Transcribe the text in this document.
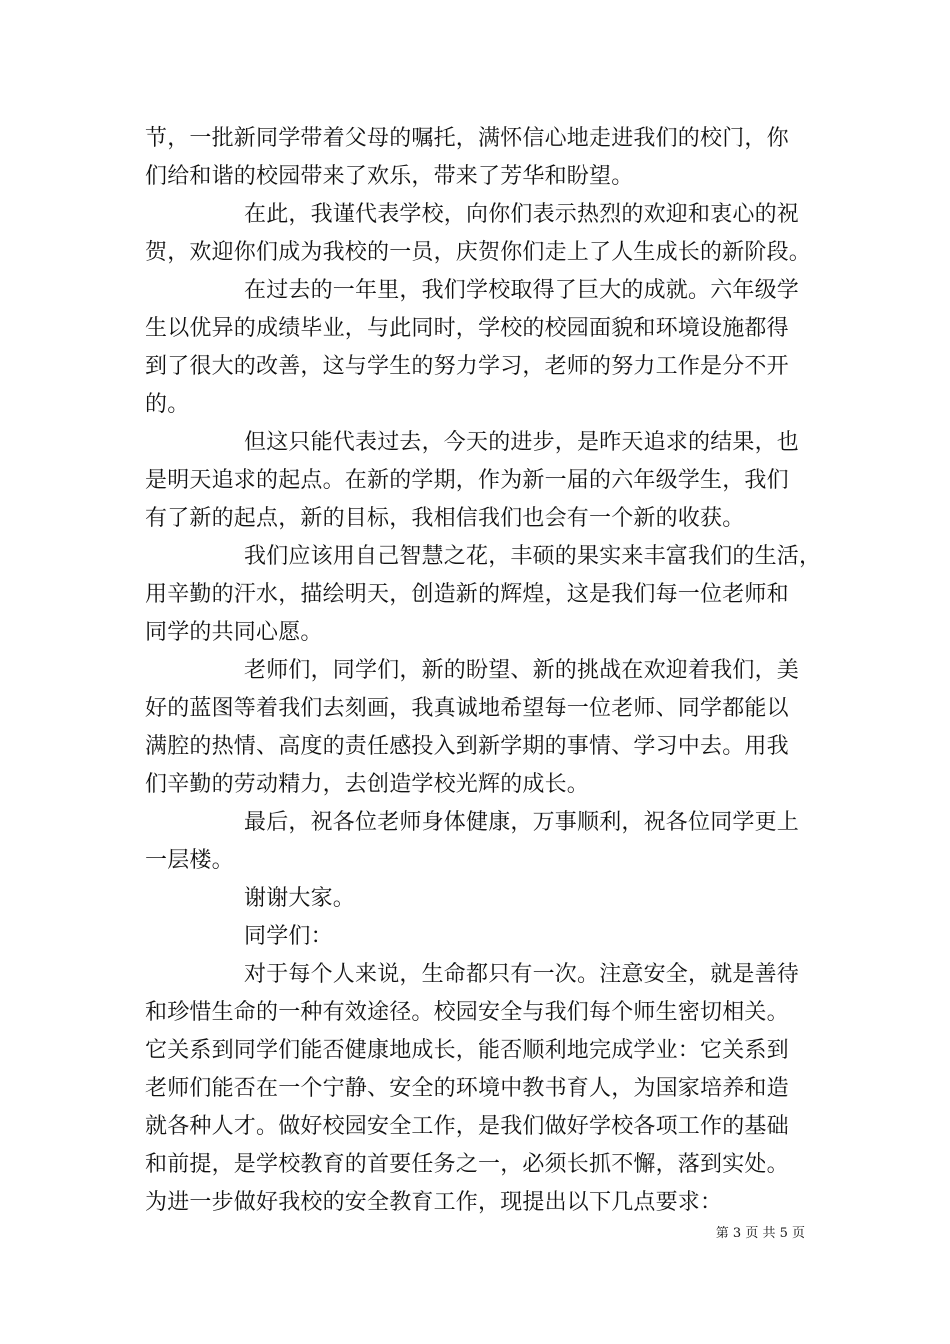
节，一批新同学带着父母的嘱托，满怀信心地走进我们的校门，你
们给和谐的校园带来了欢乐，带来了芳华和盼望。
在此，我谨代表学校，向你们表示热烈的欢迎和衷心的祝
贺，欢迎你们成为我校的一员，庆贺你们走上了人生成长的新阶段。
在过去的一年里，我们学校取得了巨大的成就。六年级学
生以优异的成绩毕业，与此同时，学校的校园面貌和环境设施都得
到了很大的改善，这与学生的努力学习，老师的努力工作是分不开
的。
但这只能代表过去，今天的进步，是昨天追求的结果，也
是明天追求的起点。在新的学期，作为新一届的六年级学生，我们
有了新的起点，新的目标，我相信我们也会有一个新的收获。
我们应该用自己智慧之花，丰硕的果实来丰富我们的生活，
用辛勤的汗水，描绘明天，创造新的辉煌，这是我们每一位老师和
同学的共同心愿。
老师们，同学们，新的盼望、新的挑战在欢迎着我们，美
好的蓝图等着我们去刻画，我真诚地希望每一位老师、同学都能以
满腔的热情、高度的责任感投入到新学期的事情、学习中去。用我
们辛勤的劳动精力，去创造学校光辉的成长。
最后，祝各位老师身体健康，万事顺利，祝各位同学更上
一层楼。
谢谢大家。
同学们：
对于每个人来说，生命都只有一次。注意安全，就是善待
和珍惜生命的一种有效途径。校园安全与我们每个师生密切相关。
它关系到同学们能否健康地成长，能否顺利地完成学业：它关系到
老师们能否在一个宁静、安全的环境中教书育人，为国家培养和造
就各种人才。做好校园安全工作，是我们做好学校各项工作的基础
和前提，是学校教育的首要任务之一，必须长抓不懈，落到实处。
为进一步做好我校的安全教育工作，现提出以下几点要求：
第 3 页 共 5 页
